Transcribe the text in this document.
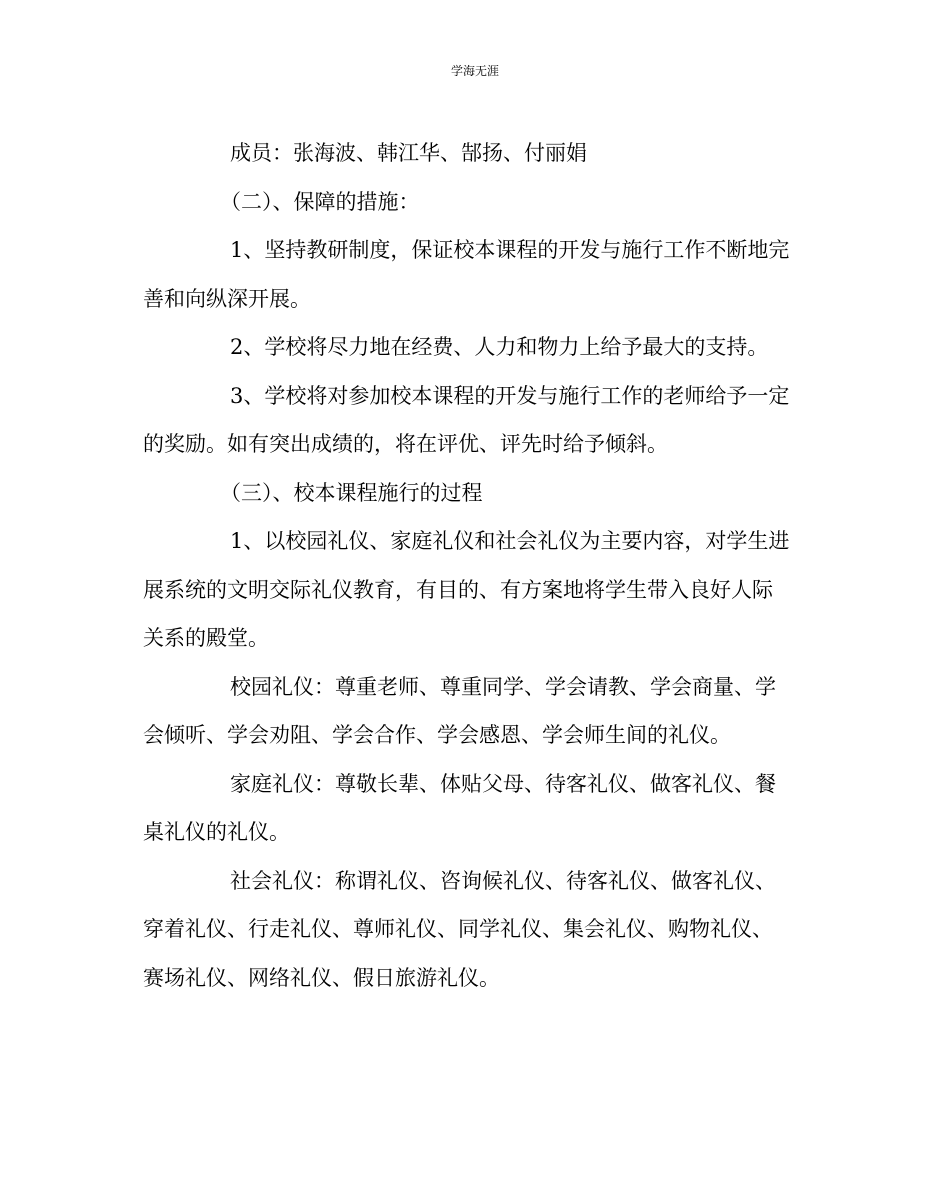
学海无涯
成员：张海波、韩江华、郜扬、付丽娟
（二）、保障的措施：
1、坚持教研制度，保证校本课程的开发与施行工作不断地完
善和向纵深开展。
2、学校将尽力地在经费、人力和物力上给予最大的支持。
3、学校将对参加校本课程的开发与施行工作的老师给予一定
的奖励。如有突出成绩的，将在评优、评先时给予倾斜。
（三）、校本课程施行的过程
1、以校园礼仪、家庭礼仪和社会礼仪为主要内容，对学生进
展系统的文明交际礼仪教育，有目的、有方案地将学生带入良好人际
关系的殿堂。
校园礼仪：尊重老师、尊重同学、学会请教、学会商量、学
会倾听、学会劝阻、学会合作、学会感恩、学会师生间的礼仪。
家庭礼仪：尊敬长辈、体贴父母、待客礼仪、做客礼仪、餐
桌礼仪的礼仪。
社会礼仪：称谓礼仪、咨询候礼仪、待客礼仪、做客礼仪、
穿着礼仪、行走礼仪、尊师礼仪、同学礼仪、集会礼仪、购物礼仪、
赛场礼仪、网络礼仪、假日旅游礼仪。
